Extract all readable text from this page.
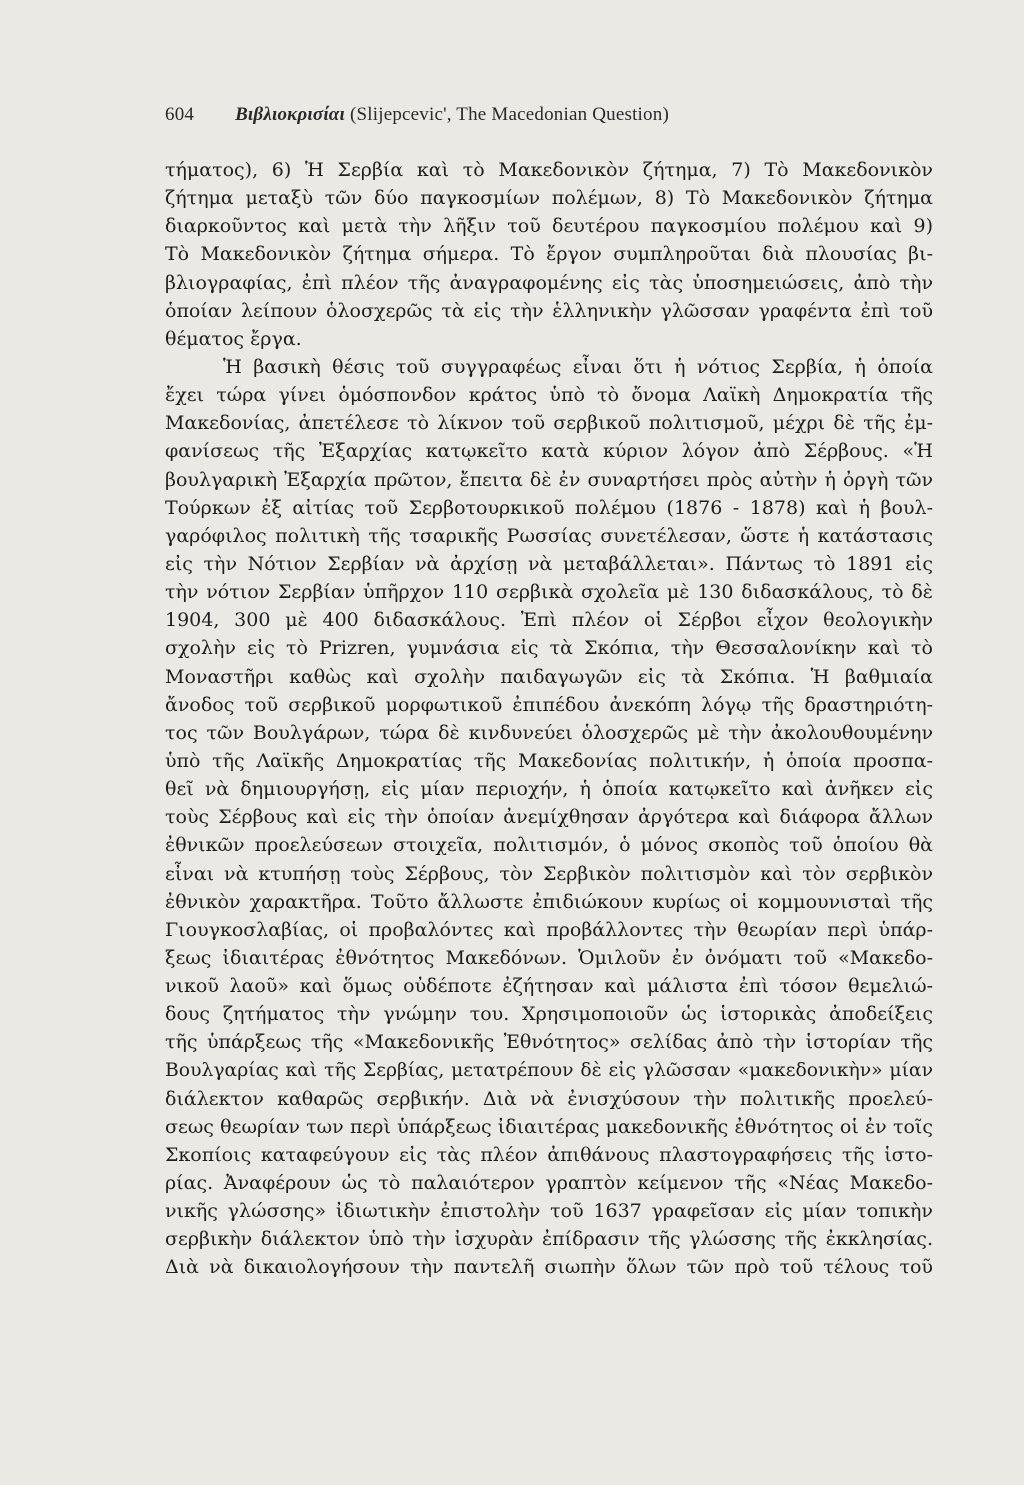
604 Βιβλιοκρισίαι (Slijepcevic', The Macedonian Question)
τήματος), 6) Ἡ Σερβία καὶ τὸ Μακεδονικὸν ζήτημα, 7) Τὸ Μακεδονικὸν
ζήτημα μεταξὺ τῶν δύο παγκοσμίων πολέμων, 8) Τὸ Μακεδονικὸν ζήτημα
διαρκοῦντος καὶ μετὰ τὴν λῆξιν τοῦ δευτέρου παγκοσμίου πολέμου καὶ 9)
Τὸ Μακεδονικὸν ζήτημα σήμερα. Τὸ ἔργον συμπληροῦται διὰ πλουσίας βι-
βλιογραφίας, ἐπὶ πλέον τῆς ἀναγραφομένης εἰς τὰς ὑποσημειώσεις, ἀπὸ τὴν
ὁποίαν λείπουν ὁλοσχερῶς τὰ εἰς τὴν ἑλληνικὴν γλῶσσαν γραφέντα ἐπὶ τοῦ
θέματος ἔργα.
Ἡ βασικὴ θέσις τοῦ συγγραφέως εἶναι ὅτι ἡ νότιος Σερβία, ἡ ὁποία
ἔχει τώρα γίνει ὁμόσπονδον κράτος ὑπὸ τὸ ὄνομα Λαϊκὴ Δημοκρατία τῆς
Μακεδονίας, ἀπετέλεσε τὸ λίκνον τοῦ σερβικοῦ πολιτισμοῦ, μέχρι δὲ τῆς ἐμ-
φανίσεως τῆς Ἐξαρχίας κατῳκεῖτο κατὰ κύριον λόγον ἀπὸ Σέρβους. «Ἡ
βουλγαρικὴ Ἐξαρχία πρῶτον, ἔπειτα δὲ ἐν συναρτήσει πρὸς αὐτὴν ἡ ὀργὴ τῶν
Τούρκων ἐξ αἰτίας τοῦ Σερβοτουρκικοῦ πολέμου (1876 - 1878) καὶ ἡ βουλ-
γαρόφιλος πολιτικὴ τῆς τσαρικῆς Ρωσσίας συνετέλεσαν, ὥστε ἡ κατάστασις
εἰς τὴν Νότιον Σερβίαν νὰ ἀρχίσῃ νὰ μεταβάλλεται». Πάντως τὸ 1891 εἰς
τὴν νότιον Σερβίαν ὑπῆρχον 110 σερβικὰ σχολεῖα μὲ 130 διδασκάλους, τὸ δὲ
1904, 300 μὲ 400 διδασκάλους. Ἐπὶ πλέον οἱ Σέρβοι εἶχον θεολογικὴν
σχολὴν εἰς τὸ Prizren, γυμνάσια εἰς τὰ Σκόπια, τὴν Θεσσαλονίκην καὶ τὸ
Μοναστῆρι καθὼς καὶ σχολὴν παιδαγωγῶν εἰς τὰ Σκόπια. Ἡ βαθμιαία
ἄνοδος τοῦ σερβικοῦ μορφωτικοῦ ἐπιπέδου ἀνεκόπη λόγῳ τῆς δραστηριότη-
τος τῶν Βουλγάρων, τώρα δὲ κινδυνεύει ὁλοσχερῶς μὲ τὴν ἀκολουθουμένην
ὑπὸ τῆς Λαϊκῆς Δημοκρατίας τῆς Μακεδονίας πολιτικήν, ἡ ὁποία προσπα-
θεῖ νὰ δημιουργήσῃ, εἰς μίαν περιοχήν, ἡ ὁποία κατῳκεῖτο καὶ ἀνῆκεν εἰς
τοὺς Σέρβους καὶ εἰς τὴν ὁποίαν ἀνεμίχθησαν ἀργότερα καὶ διάφορα ἄλλων
ἐθνικῶν προελεύσεων στοιχεῖα, πολιτισμόν, ὁ μόνος σκοπὸς τοῦ ὁποίου θὰ
εἶναι νὰ κτυπήσῃ τοὺς Σέρβους, τὸν Σερβικὸν πολιτισμὸν καὶ τὸν σερβικὸν
ἐθνικὸν χαρακτῆρα. Τοῦτο ἄλλωστε ἐπιδιώκουν κυρίως οἱ κομμουνισταὶ τῆς
Γιουγκοσλαβίας, οἱ προβαλόντες καὶ προβάλλοντες τὴν θεωρίαν περὶ ὑπάρ-
ξεως ἰδιαιτέρας ἐθνότητος Μακεδόνων. Ὁμιλοῦν ἐν ὀνόματι τοῦ «Μακεδο-
νικοῦ λαοῦ» καὶ ὅμως οὐδέποτε ἐζήτησαν καὶ μάλιστα ἐπὶ τόσον θεμελιώ-
δους ζητήματος τὴν γνώμην του. Χρησιμοποιοῦν ὡς ἱστορικὰς ἀποδείξεις
τῆς ὑπάρξεως τῆς «Μακεδονικῆς Ἐθνότητος» σελίδας ἀπὸ τὴν ἱστορίαν τῆς
Βουλγαρίας καὶ τῆς Σερβίας, μετατρέπουν δὲ εἰς γλῶσσαν «μακεδονικὴν» μίαν
διάλεκτον καθαρῶς σερβικήν. Διὰ νὰ ἐνισχύσουν τὴν πολιτικῆς προελεύ-
σεως θεωρίαν των περὶ ὑπάρξεως ἰδιαιτέρας μακεδονικῆς ἐθνότητος οἱ ἐν τοῖς
Σκοπίοις καταφεύγουν εἰς τὰς πλέον ἀπιθάνους πλαστογραφήσεις τῆς ἱστο-
ρίας. Ἀναφέρουν ὡς τὸ παλαιότερον γραπτὸν κείμενον τῆς «Νέας Μακεδο-
νικῆς γλώσσης» ἰδιωτικὴν ἐπιστολὴν τοῦ 1637 γραφεῖσαν εἰς μίαν τοπικὴν
σερβικὴν διάλεκτον ὑπὸ τὴν ἰσχυρὰν ἐπίδρασιν τῆς γλώσσης τῆς ἐκκλησίας.
Διὰ νὰ δικαιολογήσουν τὴν παντελῆ σιωπὴν ὅλων τῶν πρὸ τοῦ τέλους τοῦ
